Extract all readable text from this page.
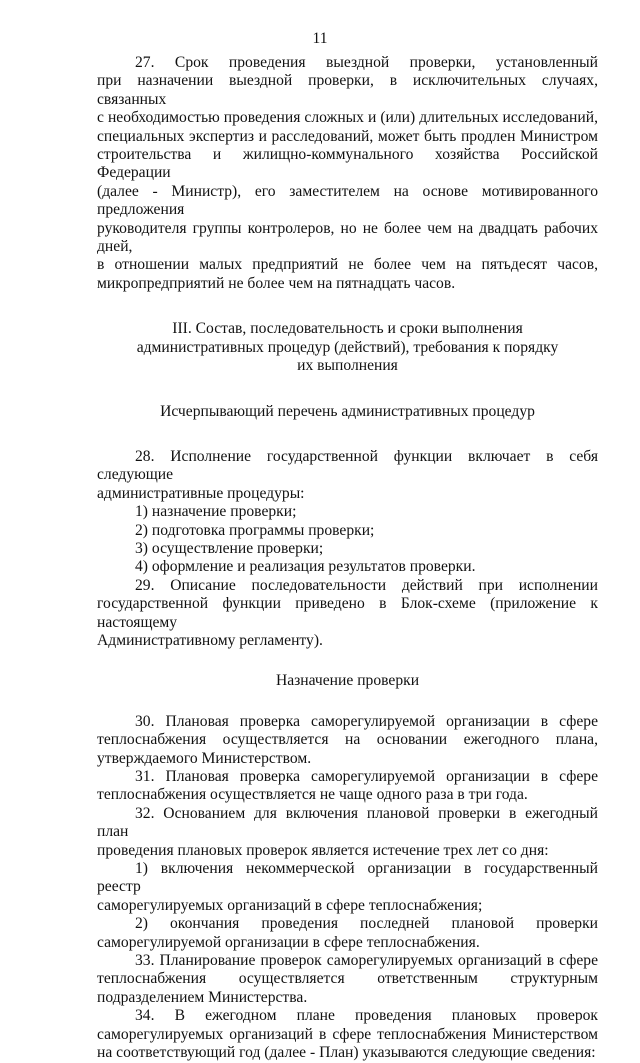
11
27. Срок проведения выездной проверки, установленный
при назначении выездной проверки, в исключительных случаях, связанных
с необходимостью проведения сложных и (или) длительных исследований,
специальных экспертиз и расследований, может быть продлен Министром
строительства и жилищно-коммунального хозяйства Российской Федерации
(далее - Министр), его заместителем на основе мотивированного предложения
руководителя группы контролеров, но не более чем на двадцать рабочих дней,
в отношении малых предприятий не более чем на пятьдесят часов,
микропредприятий не более чем на пятнадцать часов.
III. Состав, последовательность и сроки выполнения
административных процедур (действий), требования к порядку
их выполнения
Исчерпывающий перечень административных процедур
28. Исполнение государственной функции включает в себя следующие
административные процедуры:
1) назначение проверки;
2) подготовка программы проверки;
3) осуществление проверки;
4) оформление и реализация результатов проверки.
29. Описание последовательности действий при исполнении
государственной функции приведено в Блок-схеме (приложение к настоящему
Административному регламенту).
Назначение проверки
30. Плановая проверка саморегулируемой организации в сфере
теплоснабжения осуществляется на основании ежегодного плана,
утверждаемого Министерством.
31. Плановая проверка саморегулируемой организации в сфере
теплоснабжения осуществляется не чаще одного раза в три года.
32. Основанием для включения плановой проверки в ежегодный план
проведения плановых проверок является истечение трех лет со дня:
1) включения некоммерческой организации в государственный реестр
саморегулируемых организаций в сфере теплоснабжения;
2) окончания проведения последней плановой проверки
саморегулируемой организации в сфере теплоснабжения.
33. Планирование проверок саморегулируемых организаций в сфере
теплоснабжения осуществляется ответственным структурным
подразделением Министерства.
34. В ежегодном плане проведения плановых проверок
саморегулируемых организаций в сфере теплоснабжения Министерством
на соответствующий год (далее - План) указываются следующие сведения:
